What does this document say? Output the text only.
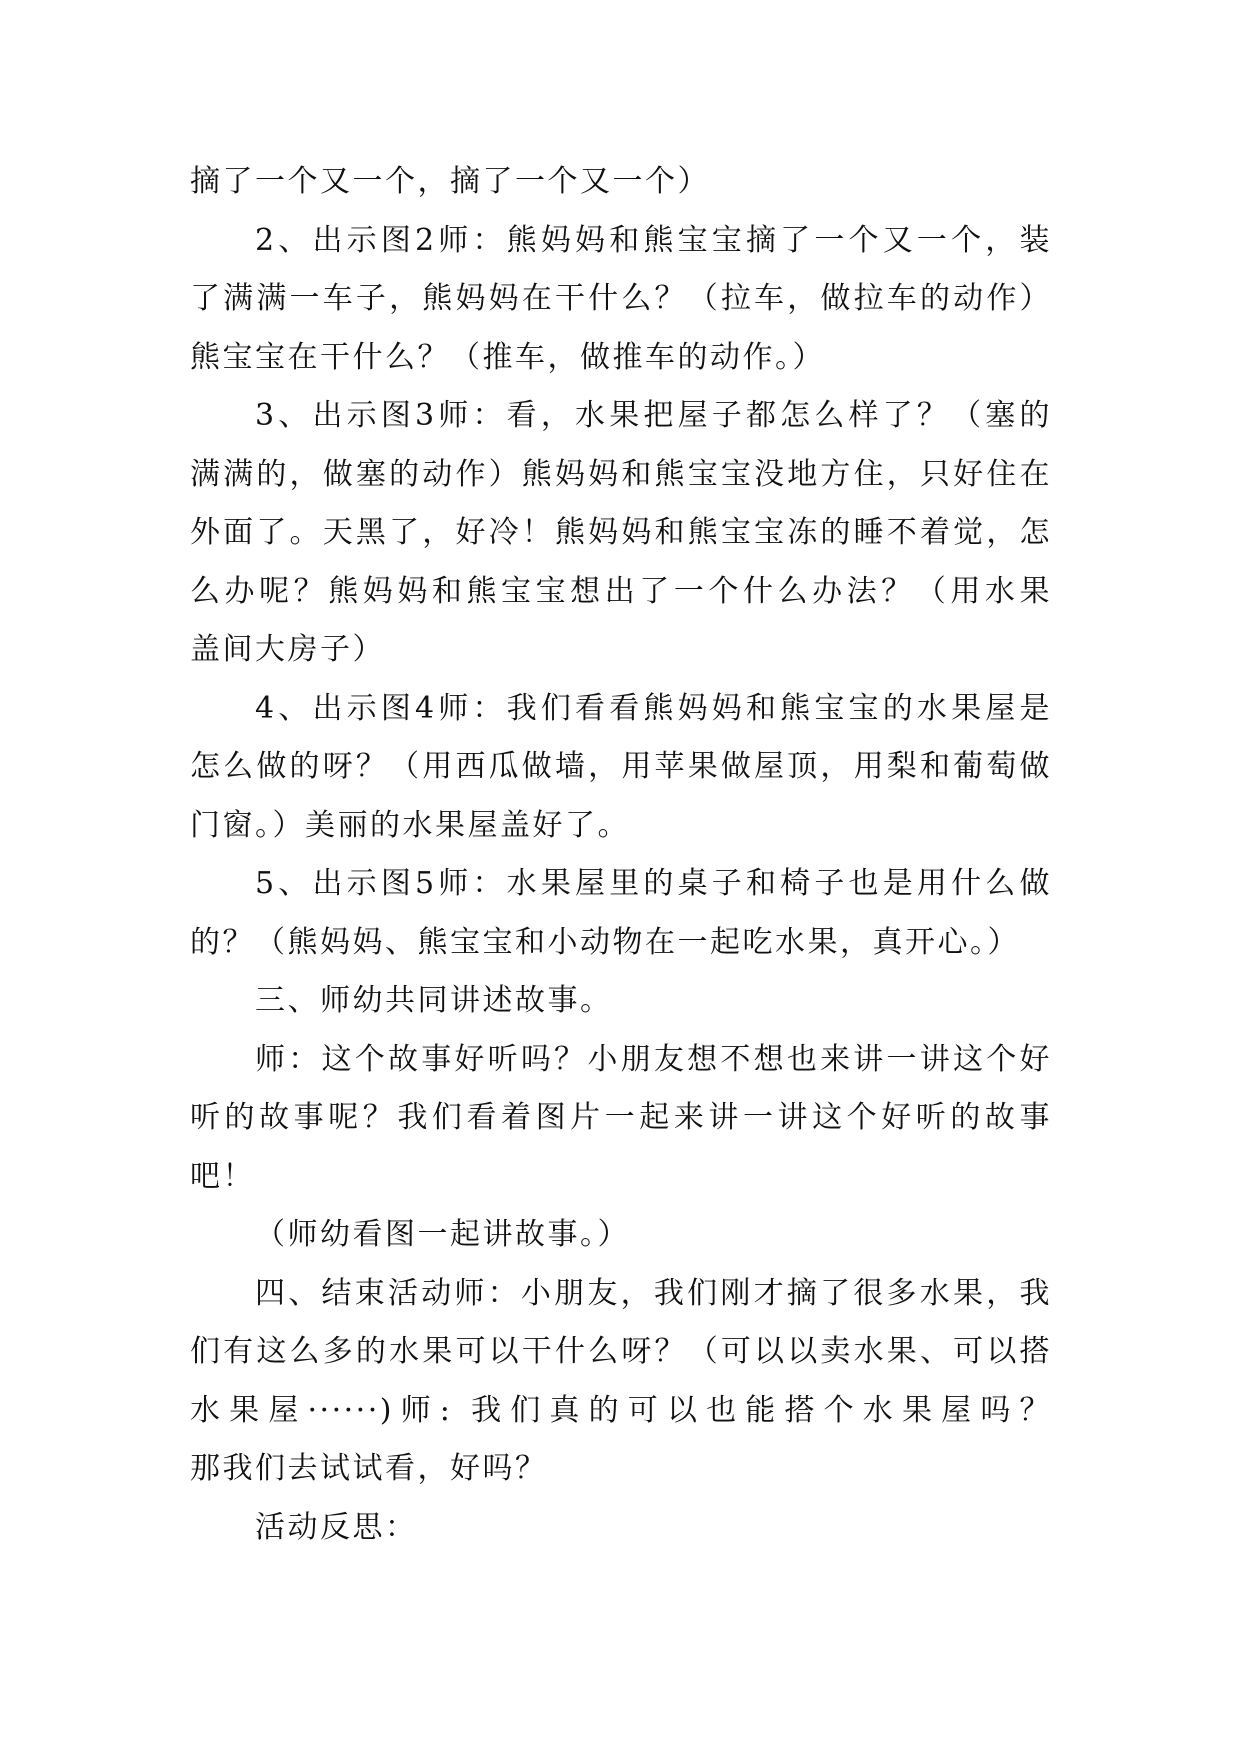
摘了一个又一个，摘了一个又一个）
2、出示图2师：熊妈妈和熊宝宝摘了一个又一个，装
了满满一车子，熊妈妈在干什么？（拉车，做拉车的动作）
熊宝宝在干什么？（推车，做推车的动作。）
3、出示图3师：看，水果把屋子都怎么样了？（塞的
满满的，做塞的动作）熊妈妈和熊宝宝没地方住，只好住在
外面了。天黑了，好冷！熊妈妈和熊宝宝冻的睡不着觉，怎
么办呢？熊妈妈和熊宝宝想出了一个什么办法？（用水果
盖间大房子）
4、出示图4师：我们看看熊妈妈和熊宝宝的水果屋是
怎么做的呀？（用西瓜做墙，用苹果做屋顶，用梨和葡萄做
门窗。）美丽的水果屋盖好了。
5、出示图5师：水果屋里的桌子和椅子也是用什么做
的？（熊妈妈、熊宝宝和小动物在一起吃水果，真开心。）
三、师幼共同讲述故事。
师：这个故事好听吗？小朋友想不想也来讲一讲这个好
听的故事呢？我们看着图片一起来讲一讲这个好听的故事
吧！
（师幼看图一起讲故事。）
四、结束活动师：小朋友，我们刚才摘了很多水果，我
们有这么多的水果可以干什么呀？（可以以卖水果、可以搭
水果屋······)师: 我们真的可以也能搭个水果屋吗？
那我们去试试看，好吗？
活动反思：
